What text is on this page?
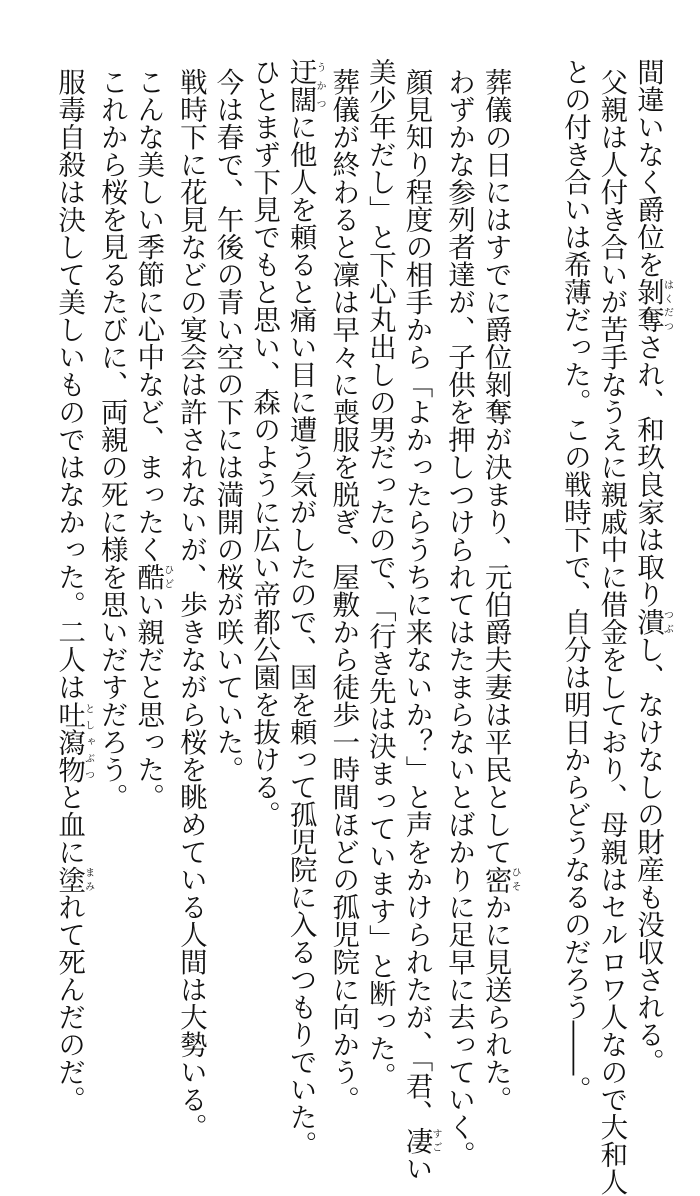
間違いなく爵位を剝奪はくだつされ、和玖良家は取り潰つぶし、なけなしの財産も没収される。
父親は人付き合いが苦手なうえに親戚中に借金をしており、母親はセルロワ人なので大和人
との付き合いは希薄だった。この戦時下で、自分は明日からどうなるのだろう――。
葬儀の日にはすでに爵位剝奪が決まり、元伯爵夫妻は平民として密ひそかに見送られた。
わずかな参列者達が、子供を押しつけられてはたまらないとばかりに足早に去っていく。
顔見知り程度の相手から「よかったらうちに来ないか？」と声をかけられたが、「君、凄すごい
美少年だし」と下心丸出しの男だったので、「行き先は決まっています」と断った。
葬儀が終わると凜は早々に喪服を脱ぎ、屋敷から徒歩一時間ほどの孤児院に向かう。
迂闊うかつに他人を頼ると痛い目に遭う気がしたので、国を頼って孤児院に入るつもりでいた。
ひとまず下見でもと思い、森のように広い帝都公園を抜ける。
今は春で、午後の青い空の下には満開の桜が咲いていた。
戦時下に花見などの宴会は許されないが、歩きながら桜を眺めている人間は大勢いる。
こんな美しい季節に心中など、まったく酷ひどい親だと思った。
これから桜を見るたびに、両親の死に様を思いだすだろう。
服毒自殺は決して美しいものではなかった。二人は吐瀉物としゃぶつと血に塗まみれて死んだのだ。
